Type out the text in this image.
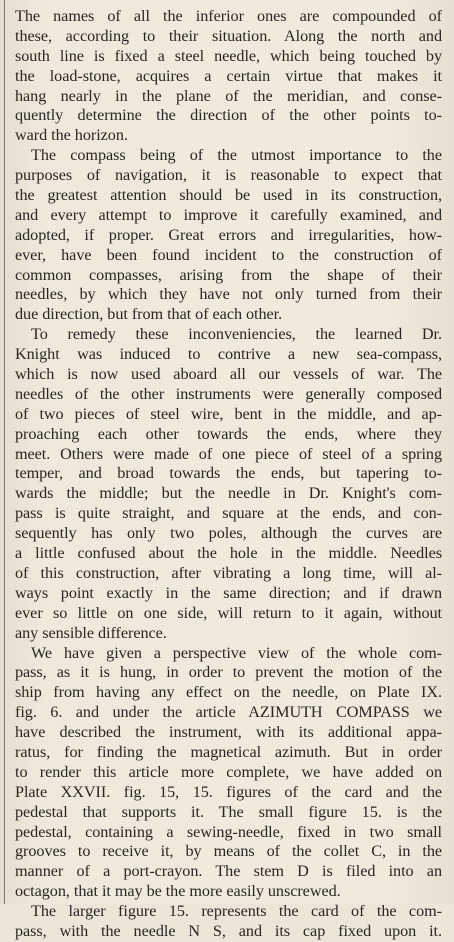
The names of all the inferior ones are compounded of
these, according to their situation. Along the north and
south line is fixed a steel needle, which being touched by
the load-stone, acquires a certain virtue that makes it
hang nearly in the plane of the meridian, and conse-
quently determine the direction of the other points to-
ward the horizon.
The compass being of the utmost importance to the
purposes of navigation, it is reasonable to expect that
the greatest attention should be used in its construction,
and every attempt to improve it carefully examined, and
adopted, if proper. Great errors and irregularities, how-
ever, have been found incident to the construction of
common compasses, arising from the shape of their
needles, by which they have not only turned from their
due direction, but from that of each other.
To remedy these inconveniencies, the learned Dr.
Knight was induced to contrive a new sea-compass,
which is now used aboard all our vessels of war. The
needles of the other instruments were generally composed
of two pieces of steel wire, bent in the middle, and ap-
proaching each other towards the ends, where they
meet. Others were made of one piece of steel of a spring
temper, and broad towards the ends, but tapering to-
wards the middle; but the needle in Dr. Knight's com-
pass is quite straight, and square at the ends, and con-
sequently has only two poles, although the curves are
a little confused about the hole in the middle. Needles
of this construction, after vibrating a long time, will al-
ways point exactly in the same direction; and if drawn
ever so little on one side, will return to it again, without
any sensible difference.
We have given a perspective view of the whole com-
pass, as it is hung, in order to prevent the motion of the
ship from having any effect on the needle, on Plate IX.
fig. 6. and under the article AZIMUTH COMPASS we
have described the instrument, with its additional appa-
ratus, for finding the magnetical azimuth. But in order
to render this article more complete, we have added on
Plate XXVII. fig. 15, 15. figures of the card and the
pedestal that supports it. The small figure 15. is the
pedestal, containing a sewing-needle, fixed in two small
grooves to receive it, by means of the collet C, in the
manner of a port-crayon. The stem D is filed into an
octagon, that it may be the more easily unscrewed.
The larger figure 15. represents the card of the com-
pass, with the needle N S, and its cap fixed upon it.
